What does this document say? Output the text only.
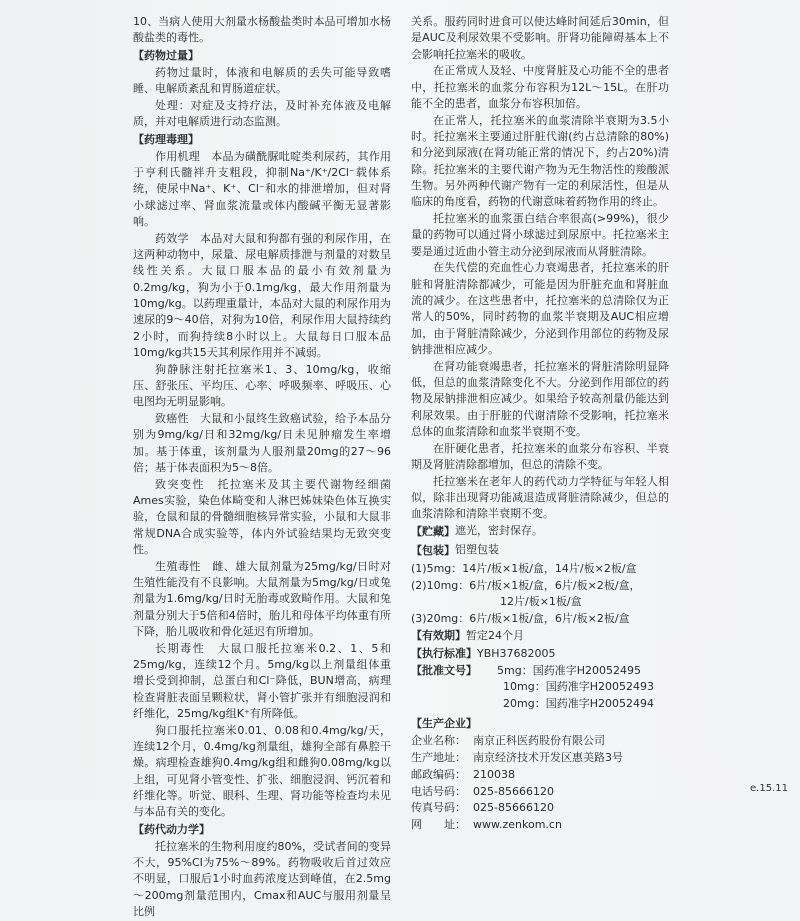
10、当病人使用大剂量水杨酸盐类时本品可增加水杨酸盐类的毒性。

【药物过量】

药物过量时，体液和电解质的丢失可能导致嗜睡、电解质紊乱和胃肠道症状。

处理：对症及支持疗法，及时补充体液及电解质，并对电解质进行动态监测。

【药理毒理】

作用机理　本品为磺酰脲吡啶类利尿药，其作用于亨利氏髓袢升支粗段，抑制Na⁺/K⁺/2Cl⁻载体系统，使尿中Na⁺、K⁺、Cl⁻和水的排泄增加，但对肾小球滤过率、肾血浆流量或体内酸碱平衡无显著影响。

药效学　本品对大鼠和狗都有强的利尿作用，在这两种动物中，尿量、尿电解质排泄与剂量的对数呈线性关系。大鼠口服本品的最小有效剂量为0.2mg/kg，狗为小于0.1mg/kg，最大作用剂量为10mg/kg。以药理重量计，本品对大鼠的利尿作用为速尿的9～40倍，对狗为10倍，利尿作用大鼠持续约2小时，而狗持续8小时以上。大鼠每日口服本品10mg/kg共15天其利尿作用并不减弱。

狗静脉注射托拉塞米1、3、10mg/kg，收缩压、舒张压、平均压、心率、呼吸频率、呼吸压、心电图均无明显影响。

致癌性　大鼠和小鼠终生致癌试验，给予本品分别为9mg/kg/日和32mg/kg/日未见肿瘤发生率增加。基于体重，该剂量为人服剂量20mg的27～96倍；基于体表面积为5～8倍。

致突变性　托拉塞米及其主要代谢物经细菌Ames实验，染色体畸变和人淋巴姊妹染色体互换实验，仓鼠和鼠的骨髓细胞核异常实验，小鼠和大鼠非常规DNA合成实验等，体内外试验结果均无致突变性。

生殖毒性　雌、雄大鼠剂量为25mg/kg/日时对生殖性能没有不良影响。大鼠剂量为5mg/kg/日或兔剂量为1.6mg/kg/日时无胎毒或致畸作用。大鼠和兔剂量分别大于5倍和4倍时，胎儿和母体平均体重有所下降，胎儿吸收和骨化延迟有所增加。

长期毒性　大鼠口服托拉塞米0.2、1、5和25mg/kg，连续12个月。5mg/kg以上剂量组体重增长受到抑制，总蛋白和Cl⁻降低，BUN增高，病理检查肾脏表面呈颗粒状，肾小管扩张并有细胞浸润和纤维化，25mg/kg组K⁺有所降低。

狗口服托拉塞米0.01、0.08和0.4mg/kg/天，连续12个月，0.4mg/kg剂量组，雄狗全部有鼻腔干燥。病理检查雄狗0.4mg/kg组和雌狗0.08mg/kg以上组，可见肾小管变性、扩张、细胞浸润、钙沉着和纤维化等。听觉、眼科、生理、肾功能等检查均未见与本品有关的变化。

【药代动力学】

托拉塞米的生物利用度约80%，受试者间的变异不大，95%CI为75%～89%。药物吸收后首过效应不明显，口服后1小时血药浓度达到峰值，在2.5mg～200mg剂量范围内，Cmax和AUC与服用剂量呈比例

关系。服药同时进食可以使达峰时间延后30min，但是AUC及利尿效果不受影响。肝肾功能障碍基本上不会影响托拉塞米的吸收。

在正常成人及轻、中度肾脏及心功能不全的患者中，托拉塞米的血浆分布容积为12L～15L。在肝功能不全的患者，血浆分布容积加倍。

在正常人，托拉塞米的血浆清除半衰期为3.5小时。托拉塞米主要通过肝脏代谢(约占总清除的80%)和分泌到尿液(在肾功能正常的情况下，约占20%)清除。托拉塞米的主要代谢产物为无生物活性的羧酸派生物。另外两种代谢产物有一定的利尿活性，但是从临床的角度看，药物的代谢意味着药物作用的终止。

托拉塞米的血浆蛋白结合率很高(>99%)，很少量的药物可以通过肾小球滤过到尿原中。托拉塞米主要是通过近曲小管主动分泌到尿液而从肾脏清除。

在失代偿的充血性心力衰竭患者，托拉塞米的肝脏和肾脏清除都减少，可能是因为肝脏充血和肾脏血流的减少。在这些患者中，托拉塞米的总清除仅为正常人的50%，同时药物的血浆半衰期及AUC相应增加，由于肾脏清除减少，分泌到作用部位的药物及尿钠排泄相应减少。

在肾功能衰竭患者，托拉塞米的肾脏清除明显降低，但总的血浆清除变化不大。分泌到作用部位的药物及尿钠排泄相应减少。如果给予较高剂量仍能达到利尿效果。由于肝脏的代谢清除不受影响，托拉塞米总体的血浆清除和血浆半衰期不变。

在肝硬化患者，托拉塞米的血浆分布容积、半衰期及肾脏清除都增加，但总的清除不变。

托拉塞米在老年人的药代动力学特征与年轻人相似，除非出现肾功能减退造成肾脏清除减少，但总的血浆清除和清除半衰期不变。

【贮藏】 遮光，密封保存。

【包装】 铝塑包装

(1)5mg：14片/板×1板/盒，14片/板×2板/盒

(2)10mg：6片/板×1板/盒，6片/板×2板/盒，

12片/板×1板/盒

(3)20mg：6片/板×1板/盒，6片/板×2板/盒

【有效期】暂定24个月

【执行标准】YBH37682005

【批准文号】	5mg：国药准字H20052495
10mg：国药准字H20052493
20mg：国药准字H20052494

【生产企业】

企业名称： 南京正科医药股份有限公司

生产地址： 南京经济技术开发区惠美路3号

邮政编码： 210038

电话号码： 025-85666120

传真号码： 025-85666120

网　　址： www.zenkom.cn

e.15.11
